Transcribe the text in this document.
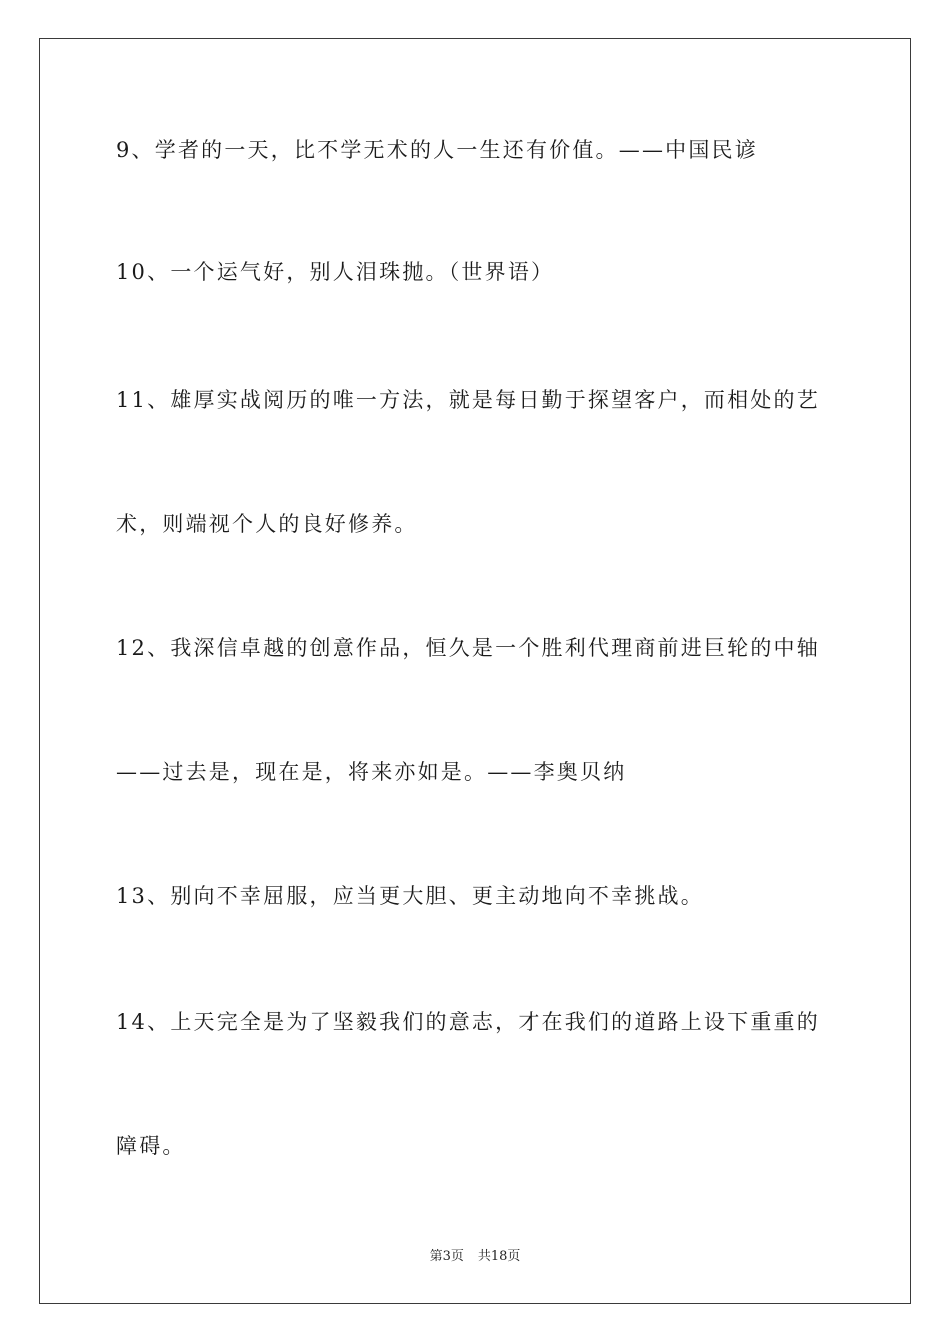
9、学者的一天，比不学无术的人一生还有价值。——中国民谚
10、一个运气好，别人泪珠抛。（世界语）
11、雄厚实战阅历的唯一方法，就是每日勤于探望客户，而相处的艺
术，则端视个人的良好修养。
12、我深信卓越的创意作品，恒久是一个胜利代理商前进巨轮的中轴
——过去是，现在是，将来亦如是。——李奥贝纳
13、别向不幸屈服，应当更大胆、更主动地向不幸挑战。
14、上天完全是为了坚毅我们的意志，才在我们的道路上设下重重的
障碍。
第3页 共18页
